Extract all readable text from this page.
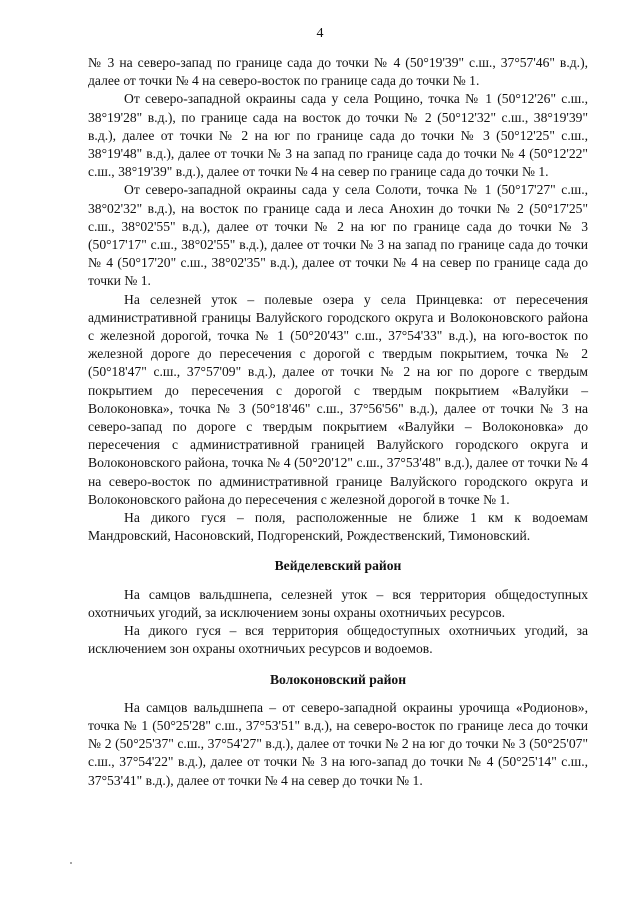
4

№ 3 на северо-запад по границе сада до точки № 4 (50°19'39" с.ш., 37°57'46" в.д.), далее от точки № 4 на северо-восток по границе сада до точки № 1.

От северо-западной окраины сада у села Рощино, точка № 1 (50°12'26" с.ш., 38°19'28" в.д.), по границе сада на восток до точки № 2 (50°12'32" с.ш., 38°19'39" в.д.), далее от точки № 2 на юг по границе сада до точки № 3 (50°12'25" с.ш., 38°19'48" в.д.), далее от точки № 3 на запад по границе сада до точки № 4 (50°12'22" с.ш., 38°19'39" в.д.), далее от точки № 4 на север по границе сада до точки № 1.

От северо-западной окраины сада у села Солоти, точка № 1 (50°17'27" с.ш., 38°02'32" в.д.), на восток по границе сада и леса Анохин до точки № 2 (50°17'25" с.ш., 38°02'55" в.д.), далее от точки № 2 на юг по границе сада до точки № 3 (50°17'17" с.ш., 38°02'55" в.д.), далее от точки № 3 на запад по границе сада до точки № 4 (50°17'20" с.ш., 38°02'35" в.д.), далее от точки № 4 на север по границе сада до точки № 1.

На селезней уток – полевые озера у села Принцевка: от пересечения административной границы Валуйского городского округа и Волоконовского района с железной дорогой, точка № 1 (50°20'43" с.ш., 37°54'33" в.д.), на юго-восток по железной дороге до пересечения с дорогой с твердым покрытием, точка № 2 (50°18'47" с.ш., 37°57'09" в.д.), далее от точки № 2 на юг по дороге с твердым покрытием до пересечения с дорогой с твердым покрытием «Валуйки – Волоконовка», точка № 3 (50°18'46" с.ш., 37°56'56" в.д.), далее от точки № 3 на северо-запад по дороге с твердым покрытием «Валуйки – Волоконовка» до пересечения с административной границей Валуйского городского округа и Волоконовского района, точка № 4 (50°20'12" с.ш., 37°53'48" в.д.), далее от точки № 4 на северо-восток по административной границе Валуйского городского округа и Волоконовского района до пересечения с железной дорогой в точке № 1.

На дикого гуся – поля, расположенные не ближе 1 км к водоемам Мандровский, Насоновский, Подгоренский, Рождественский, Тимоновский.

Вейделевский район

На самцов вальдшнепа, селезней уток – вся территория общедоступных охотничьих угодий, за исключением зоны охраны охотничьих ресурсов.

На дикого гуся – вся территория общедоступных охотничьих угодий, за исключением зон охраны охотничьих ресурсов и водоемов.

Волоконовский район

На самцов вальдшнепа – от северо-западной окраины урочища «Родионов», точка № 1 (50°25'28" с.ш., 37°53'51" в.д.), на северо-восток по границе леса до точки № 2 (50°25'37" с.ш., 37°54'27" в.д.), далее от точки № 2 на юг до точки № 3 (50°25'07" с.ш., 37°54'22" в.д.), далее от точки № 3 на юго-запад до точки № 4 (50°25'14" с.ш., 37°53'41" в.д.), далее от точки № 4 на север до точки № 1.
